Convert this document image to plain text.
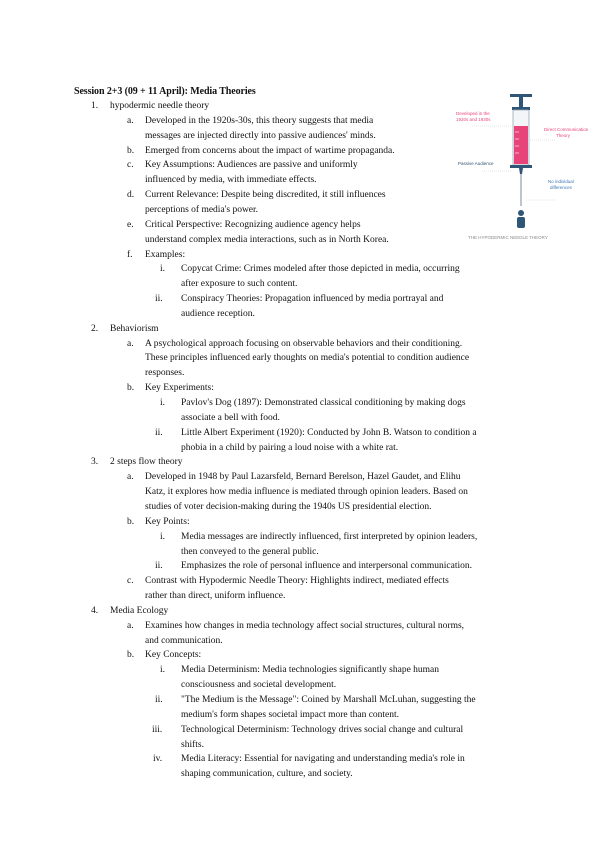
Session 2+3 (09 + 11 April): Media Theories
1. hypodermic needle theory
a. Developed in the 1920s-30s, this theory suggests that media
messages are injected directly into passive audiences' minds.
b. Emerged from concerns about the impact of wartime propaganda.
c. Key Assumptions: Audiences are passive and uniformly
influenced by media, with immediate effects.
d. Current Relevance: Despite being discredited, it still influences
perceptions of media's power.
e. Critical Perspective: Recognizing audience agency helps
understand complex media interactions, such as in North Korea.
f. Examples:
i. Copycat Crime: Crimes modeled after those depicted in media, occurring
after exposure to such content.
ii. Conspiracy Theories: Propagation influenced by media portrayal and
audience reception.
2. Behaviorism
a. A psychological approach focusing on observable behaviors and their conditioning.
These principles influenced early thoughts on media's potential to condition audience
responses.
b. Key Experiments:
i. Pavlov's Dog (1897): Demonstrated classical conditioning by making dogs
associate a bell with food.
ii. Little Albert Experiment (1920): Conducted by John B. Watson to condition a
phobia in a child by pairing a loud noise with a white rat.
3. 2 steps flow theory
a. Developed in 1948 by Paul Lazarsfeld, Bernard Berelson, Hazel Gaudet, and Elihu
Katz, it explores how media influence is mediated through opinion leaders. Based on
studies of voter decision-making during the 1940s US presidential election.
b. Key Points:
i. Media messages are indirectly influenced, first interpreted by opinion leaders,
then conveyed to the general public.
ii. Emphasizes the role of personal influence and interpersonal communication.
c. Contrast with Hypodermic Needle Theory: Highlights indirect, mediated effects
rather than direct, uniform influence.
4. Media Ecology
a. Examines how changes in media technology affect social structures, cultural norms,
and communication.
b. Key Concepts:
i. Media Determinism: Media technologies significantly shape human
consciousness and societal development.
ii. "The Medium is the Message": Coined by Marshall McLuhan, suggesting the
medium's form shapes societal impact more than content.
iii. Technological Determinism: Technology drives social change and cultural
shifts.
iv. Media Literacy: Essential for navigating and understanding media's role in
shaping communication, culture, and society.
Developed in the
1920s and 1930s
Direct Communication
Theory
Passive Audience
No individual
differences
THE HYPODERMIC NEEDLE THEORY
